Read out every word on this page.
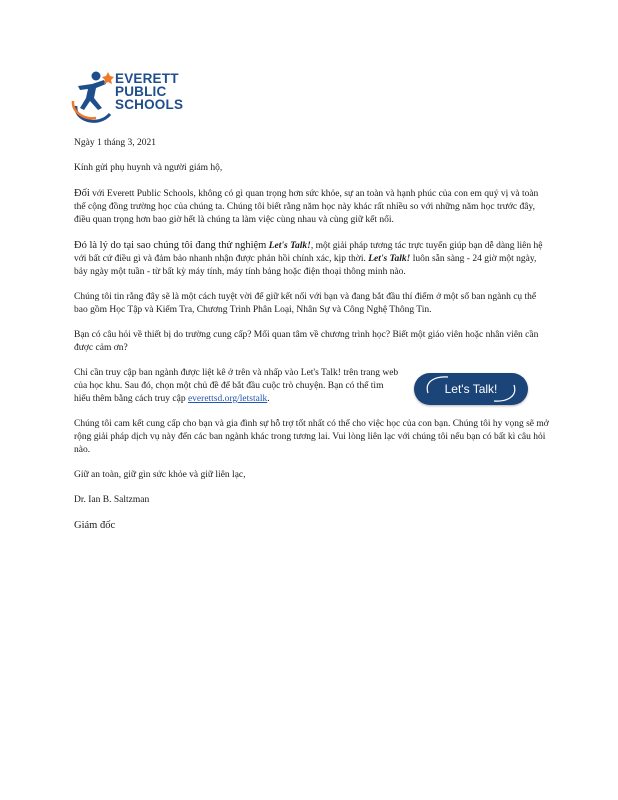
EVERETT
PUBLIC
SCHOOLS

Ngày 1 tháng 3, 2021

Kính gửi phụ huynh và người giám hộ,

Đối với Everett Public Schools, không có gì quan trọng hơn sức khỏe, sự an toàn và hạnh phúc của con em quý vị và toàn thể cộng đồng trường học của chúng ta. Chúng tôi biết rằng năm học này khác rất nhiều so với những năm học trước đây, điều quan trọng hơn bao giờ hết là chúng ta làm việc cùng nhau và cùng giữ kết nối.

Đó là lý do tại sao chúng tôi đang thử nghiệm Let's Talk!, một giải pháp tương tác trực tuyến giúp bạn dễ dàng liên hệ với bất cứ điều gì và đảm bảo nhanh nhận được phản hồi chính xác, kịp thời. Let's Talk! luôn sẵn sàng - 24 giờ một ngày, bảy ngày một tuần - từ bất kỳ máy tính, máy tính bảng hoặc điện thoại thông minh nào.

Chúng tôi tin rằng đây sẽ là một cách tuyệt vời để giữ kết nối với bạn và đang bắt đầu thí điểm ở một số ban ngành cụ thể bao gồm Học Tập và Kiểm Tra, Chương Trình Phân Loại, Nhân Sự và Công Nghệ Thông Tin.

Bạn có câu hỏi về thiết bị do trường cung cấp? Mối quan tâm về chương trình học? Biết một giáo viên hoặc nhân viên cần được cảm ơn?

Chỉ cần truy cập ban ngành được liệt kê ở trên và nhấp vào Let's Talk! trên trang web của học khu. Sau đó, chọn một chủ đề để bắt đầu cuộc trò chuyện. Bạn có thể tìm hiểu thêm bằng cách truy cập everettsd.org/letstalk.

Let's Talk!

Chúng tôi cam kết cung cấp cho bạn và gia đình sự hỗ trợ tốt nhất có thể cho việc học của con bạn. Chúng tôi hy vọng sẽ mở rộng giải pháp dịch vụ này đến các ban ngành khác trong tương lai. Vui lòng liên lạc với chúng tôi nếu bạn có bất kì câu hỏi nào.

Giữ an toàn, giữ gìn sức khỏe và giữ liên lạc,

Dr. Ian B. Saltzman

Giám đốc
